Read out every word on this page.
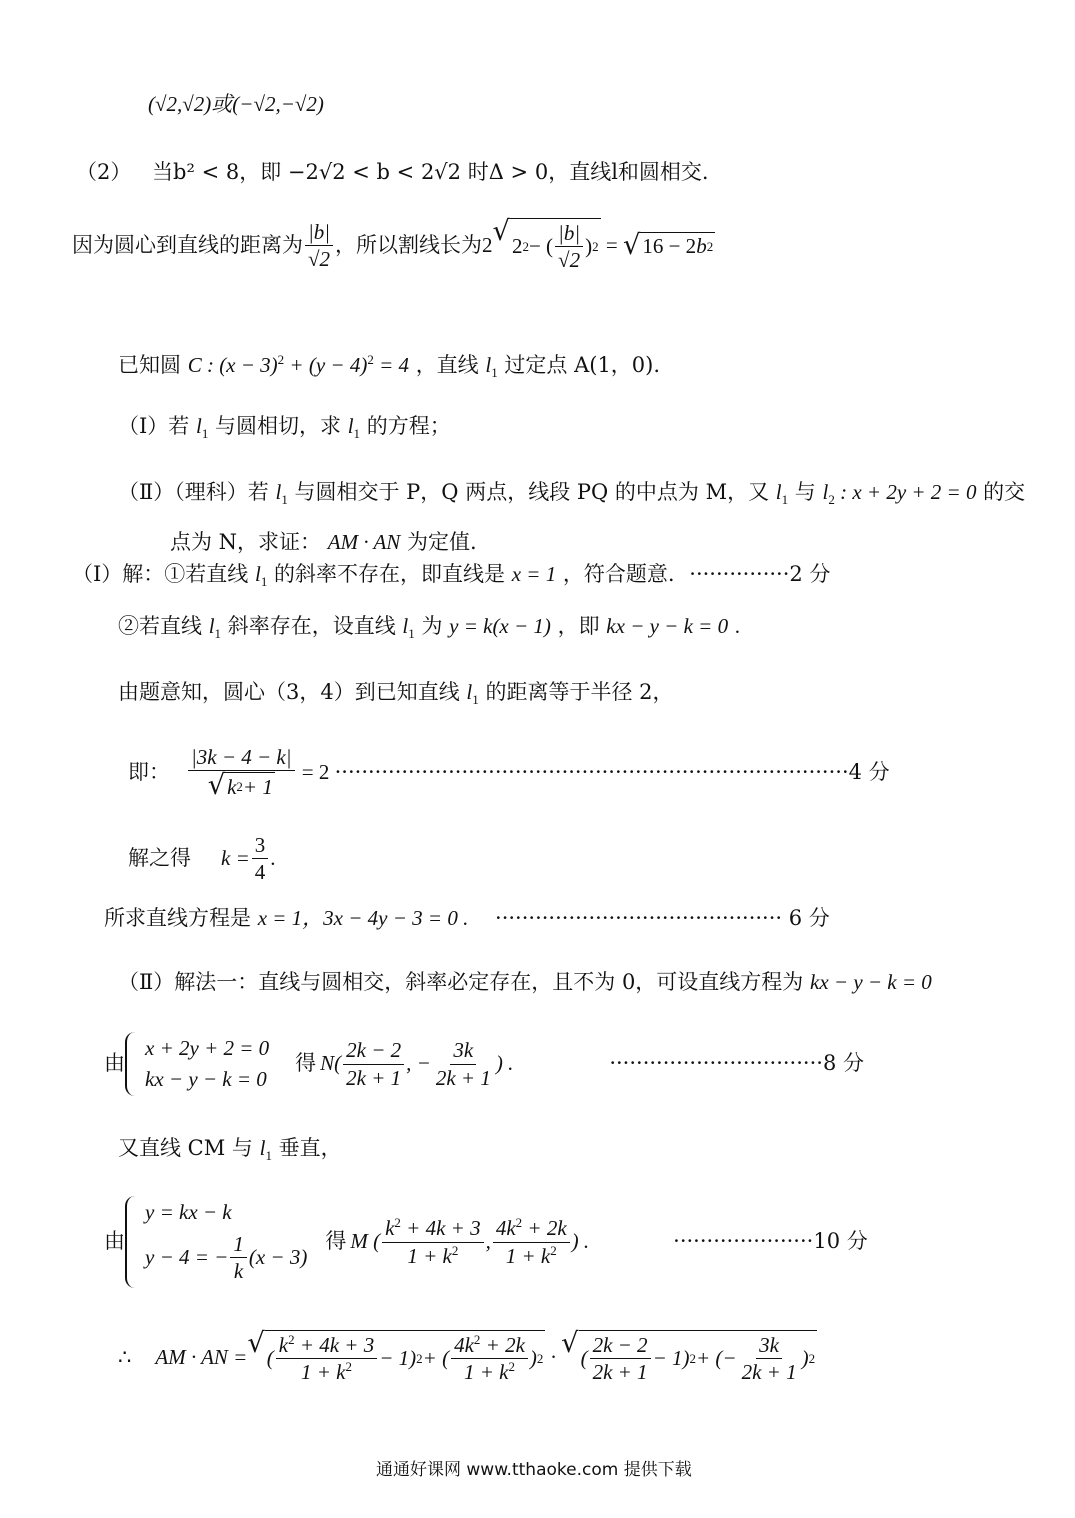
(√2,√2)或(−√2,−√2)
（2） 当b² < 8，即 −2√2 < b < 2√2 时Δ > 0，直线l和圆相交.
因为圆心到直线的距离为 $\frac{|b|}{√2}$ ，所以割线长为 2 √ 2 2 − ( $\frac{|b|}{√2}$ ) 2 = √ 16 − 2 b 2
已知圆 C : $(x - 3)^2 + (y - 4)^2 = 4$ ，直线 $l_1$ 过定点 A(1，0).
（Ⅰ）若 $l_1$ 与圆相切，求 $l_1$ 的方程；
（Ⅱ）（理科）若 $l_1$ 与圆相交于 P，Q 两点，线段 PQ 的中点为 M，又 $l_1$ 与 $l_2$ : x + 2y + 2 = 0 的交
点为 N，求证： AM · AN 为定值.
（Ⅰ）解：①若直线 $l_1$ 的斜率不存在，即直线是 x = 1 ，符合题意. ···············2 分
②若直线 $l_1$ 斜率存在，设直线 $l_1$ 为 y = k(x − 1) ，即 kx − y − k = 0 .
由题意知，圆心（3，4）到已知直线 $l_1$ 的距离等于半径 2，
即： $\frac{|3k - 4 - k|}{√ k 2 + 1} = 2 \cdot\cdot\cdot\cdot\cdot\cdot\cdot\cdot\cdot\cdot\cdot\cdot\cdot\cdot\cdot\cdot\cdot\cdot\cdot\cdot\cdot\cdot\cdot\cdot\cdot\cdot\cdot\cdot\cdot\cdot\cdot\cdot\cdot\cdot\cdot\cdot\cdot\cdot\cdot\cdot\cdot\cdot\cdot\cdot\cdot\cdot\cdot\cdot\cdot\cdot\cdot\cdot\cdot\cdot\cdot\cdot\cdot\cdot\cdot\cdot\cdot\cdot\cdot\cdot\cdot\cdot\cdot\cdot\cdot\cdot\cdot\cdot\cdot\cdot\cdot\cdot\cdot 4$ 分
解之得 $k = \frac{3}{4}$ .
所求直线方程是 x = 1，3x − 4y − 3 = 0 . ··········································· 6 分
（Ⅱ）解法一：直线与圆相交，斜率必定存在，且不为 0，可设直线方程为 kx − y − k = 0
由
x + 2y + 2 = 0
kx − y − k = 0
得 $N( \frac{2k - 2}{2k + 1}$ , − $\frac{3k}{2k + 1}$ ) .	································8 分
又直线 CM 与 $l_1$ 垂直，
由
y = kx − k
y − 4 = − $\frac{1}{k} (x - 3)$
得 M ( $\frac{k^2 + 4k + 3}{1 + k^2}$ , $\frac{4k^2 + 2k}{1 + k^2}$ ) .	·····················10 分
∴ AM · AN = √ ( $\frac{k^2 + 4k + 3}{1 + k^2} - 1$) 2 + ( $\frac{4k^2 + 2k}{1 + k^2}$ ) 2 · √ ( $\frac{2k - 2}{2k + 1} - 1$) 2 + (− $\frac{3k}{2k + 1}$ ) 2
通通好课网 www.tthaoke.com 提供下载
